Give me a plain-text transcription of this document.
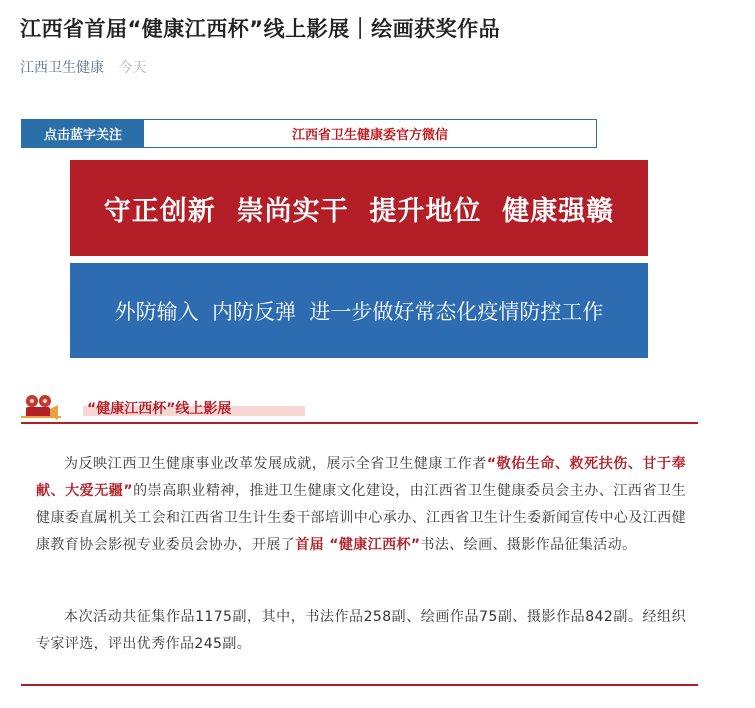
江西省首届“健康江西杯”线上影展｜绘画获奖作品
江西卫生健康 今天
点击蓝字关注	江西省卫生健康委官方微信
守正创新  崇尚实干  提升地位  健康强赣
外防输入  内防反弹  进一步做好常态化疫情防控工作
“健康江西杯”线上影展

为反映江西卫生健康事业改革发展成就，展示全省卫生健康工作者“敬佑生命、救死扶伤、甘于奉献、大爱无疆”的崇高职业精神，推进卫生健康文化建设，由江西省卫生健康委员会主办、江西省卫生健康委直属机关工会和江西省卫生计生委干部培训中心承办、江西省卫生计生委新闻宣传中心及江西健康教育协会影视专业委员会协办，开展了首届 “健康江西杯”书法、绘画、摄影作品征集活动。

本次活动共征集作品1175副，其中，书法作品258副、绘画作品75副、摄影作品842副。经组织专家评选，评出优秀作品245副。
